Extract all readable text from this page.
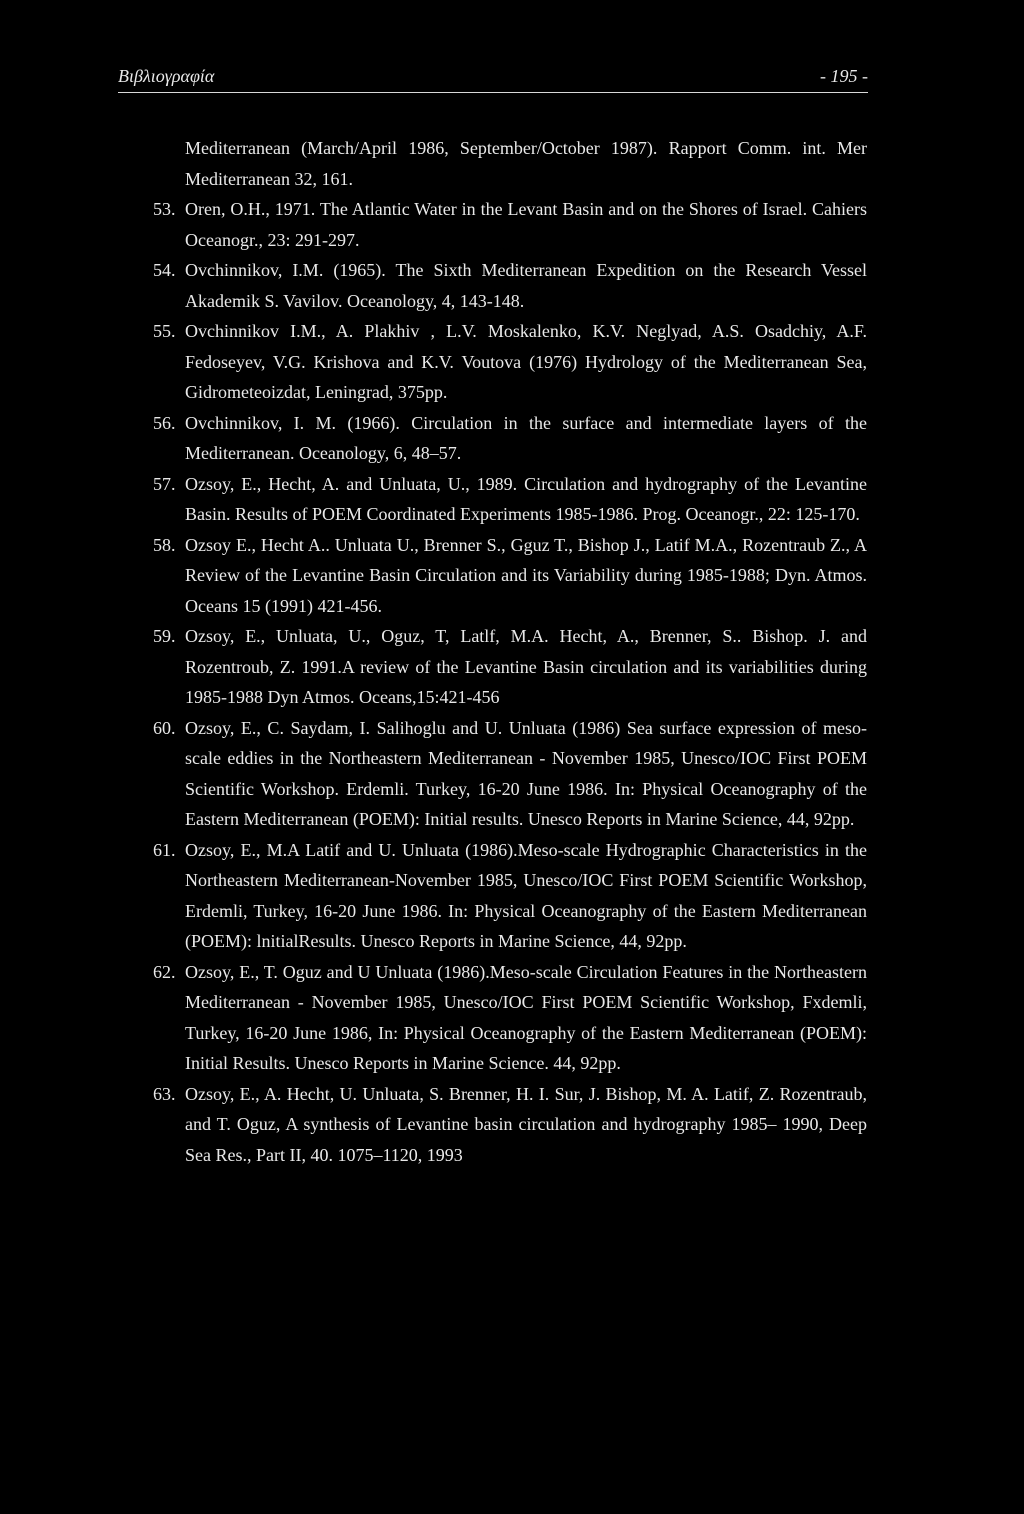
Βιβλιογραφία	- 195 -
Mediterranean (March/April 1986, September/October 1987). Rapport Comm. int. Mer Mediterranean 32, 161.
53. Oren, O.H., 1971. The Atlantic Water in the Levant Basin and on the Shores of Israel. Cahiers Oceanogr., 23: 291-297.
54. Ovchinnikov, I.M. (1965). The Sixth Mediterranean Expedition on the Research Vessel Akademik S. Vavilov. Oceanology, 4, 143-148.
55. Ovchinnikov I.M., A. Plakhiv , L.V. Moskalenko, K.V. Neglyad, A.S. Osadchiy, A.F. Fedoseyev, V.G. Krishova and K.V. Voutova (1976) Hydrology of the Mediterranean Sea, Gidrometeoizdat, Leningrad, 375pp.
56. Ovchinnikov, I. M. (1966). Circulation in the surface and intermediate layers of the Mediterranean. Oceanology, 6, 48–57.
57. Ozsoy, E., Hecht, A. and Unluata, U., 1989. Circulation and hydrography of the Levantine Basin. Results of POEM Coordinated Experiments 1985-1986. Prog. Oceanogr., 22: 125-170.
58. Ozsoy E., Hecht A.. Unluata U., Brenner S., Gguz T., Bishop J., Latif M.A., Rozentraub Z., A Review of the Levantine Basin Circulation and its Variability during 1985-1988; Dyn. Atmos. Oceans 15 (1991) 421-456.
59. Ozsoy, E., Unluata, U., Oguz, T, Latlf, M.A. Hecht, A., Brenner, S.. Bishop. J. and Rozentroub, Z. 1991.A review of the Levantine Basin circulation and its variabilities during 1985-1988 Dyn Atmos. Oceans,15:421-456
60. Ozsoy, E., C. Saydam, I. Salihoglu and U. Unluata (1986) Sea surface expression of meso-scale eddies in the Northeastern Mediterranean - November 1985, Unesco/IOC First POEM Scientific Workshop. Erdemli. Turkey, 16-20 June 1986. In: Physical Oceanography of the Eastern Mediterranean (POEM): Initial results. Unesco Reports in Marine Science, 44, 92pp.
61. Ozsoy, E., M.A Latif and U. Unluata (1986).Meso-scale Hydrographic Characteristics in the Northeastern Mediterranean-November 1985, Unesco/IOC First POEM Scientific Workshop, Erdemli, Turkey, 16-20 June 1986. In: Physical Oceanography of the Eastern Mediterranean (POEM): lnitialResults. Unesco Reports in Marine Science, 44, 92pp.
62. Ozsoy, E., T. Oguz and U Unluata (1986).Meso-scale Circulation Features in the Northeastern Mediterranean - November 1985, Unesco/IOC First POEM Scientific Workshop, Fxdemli, Turkey, 16-20 June 1986, In: Physical Oceanography of the Eastern Mediterranean (POEM): Initial Results. Unesco Reports in Marine Science. 44, 92pp.
63. Ozsoy, E., A. Hecht, U. Unluata, S. Brenner, H. I. Sur, J. Bishop, M. A. Latif, Z. Rozentraub, and T. Oguz, A synthesis of Levantine basin circulation and hydrography 1985– 1990, Deep Sea Res., Part II, 40. 1075–1120, 1993
